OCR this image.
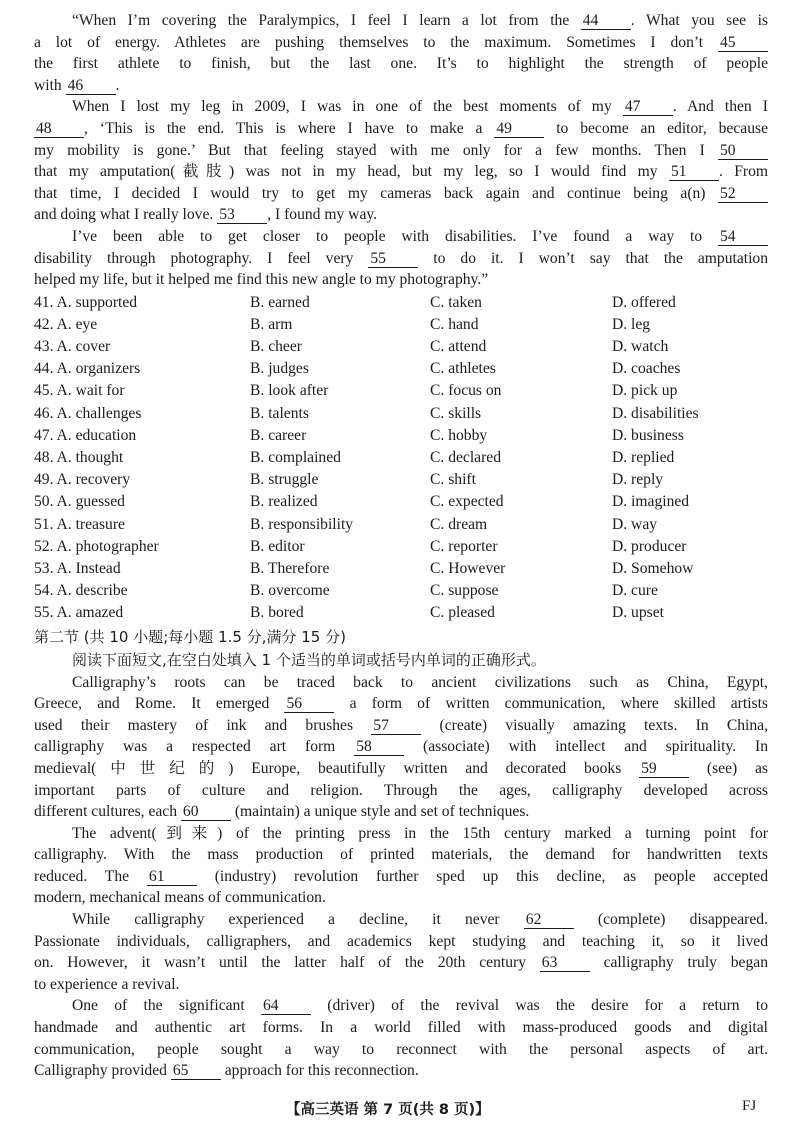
“When I’m covering the Paralympics, I feel I learn a lot from the 44 . What you see is
a lot of energy. Athletes are pushing themselves to the maximum. Sometimes I don’t 45
the first athlete to finish, but the last one. It’s to highlight the strength of people
with 46 .
When I lost my leg in 2009, I was in one of the best moments of my 47 . And then I
48 , ‘This is the end. This is where I have to make a 49 to become an editor, because
my mobility is gone.’ But that feeling stayed with me only for a few months. Then I 50
that my amputation(截肢) was not in my head, but my leg, so I would find my 51 . From
that time, I decided I would try to get my cameras back again and continue being a(n) 52
and doing what I really love. 53 , I found my way.
I’ve been able to get closer to people with disabilities. I’ve found a way to 54
disability through photography. I feel very 55 to do it. I won’t say that the amputation
helped my life, but it helped me find this new angle to my photography.”
41. A. supported	B. earned	C. taken	D. offered
42. A. eye	B. arm	C. hand	D. leg
43. A. cover	B. cheer	C. attend	D. watch
44. A. organizers	B. judges	C. athletes	D. coaches
45. A. wait for	B. look after	C. focus on	D. pick up
46. A. challenges	B. talents	C. skills	D. disabilities
47. A. education	B. career	C. hobby	D. business
48. A. thought	B. complained	C. declared	D. replied
49. A. recovery	B. struggle	C. shift	D. reply
50. A. guessed	B. realized	C. expected	D. imagined
51. A. treasure	B. responsibility	C. dream	D. way
52. A. photographer	B. editor	C. reporter	D. producer
53. A. Instead	B. Therefore	C. However	D. Somehow
54. A. describe	B. overcome	C. suppose	D. cure
55. A. amazed	B. bored	C. pleased	D. upset
第二节 (共 10 小题;每小题 1.5 分,满分 15 分)
阅读下面短文,在空白处填入 1 个适当的单词或括号内单词的正确形式。
Calligraphy’s roots can be traced back to ancient civilizations such as China, Egypt,
Greece, and Rome. It emerged 56 a form of written communication, where skilled artists
used their mastery of ink and brushes 57 (create) visually amazing texts. In China,
calligraphy was a respected art form 58 (associate) with intellect and spirituality. In
medieval(中世纪的) Europe, beautifully written and decorated books 59 (see) as
important parts of culture and religion. Through the ages, calligraphy developed across
different cultures, each 60 (maintain) a unique style and set of techniques.
The advent(到来) of the printing press in the 15th century marked a turning point for
calligraphy. With the mass production of printed materials, the demand for handwritten texts
reduced. The 61 (industry) revolution further sped up this decline, as people accepted
modern, mechanical means of communication.
While calligraphy experienced a decline, it never 62 (complete) disappeared.
Passionate individuals, calligraphers, and academics kept studying and teaching it, so it lived
on. However, it wasn’t until the latter half of the 20th century 63 calligraphy truly began
to experience a revival.
One of the significant 64 (driver) of the revival was the desire for a return to
handmade and authentic art forms. In a world filled with mass-produced goods and digital
communication, people sought a way to reconnect with the personal aspects of art.
Calligraphy provided 65 approach for this reconnection.
【高三英语 第 7 页(共 8 页)】	FJ
